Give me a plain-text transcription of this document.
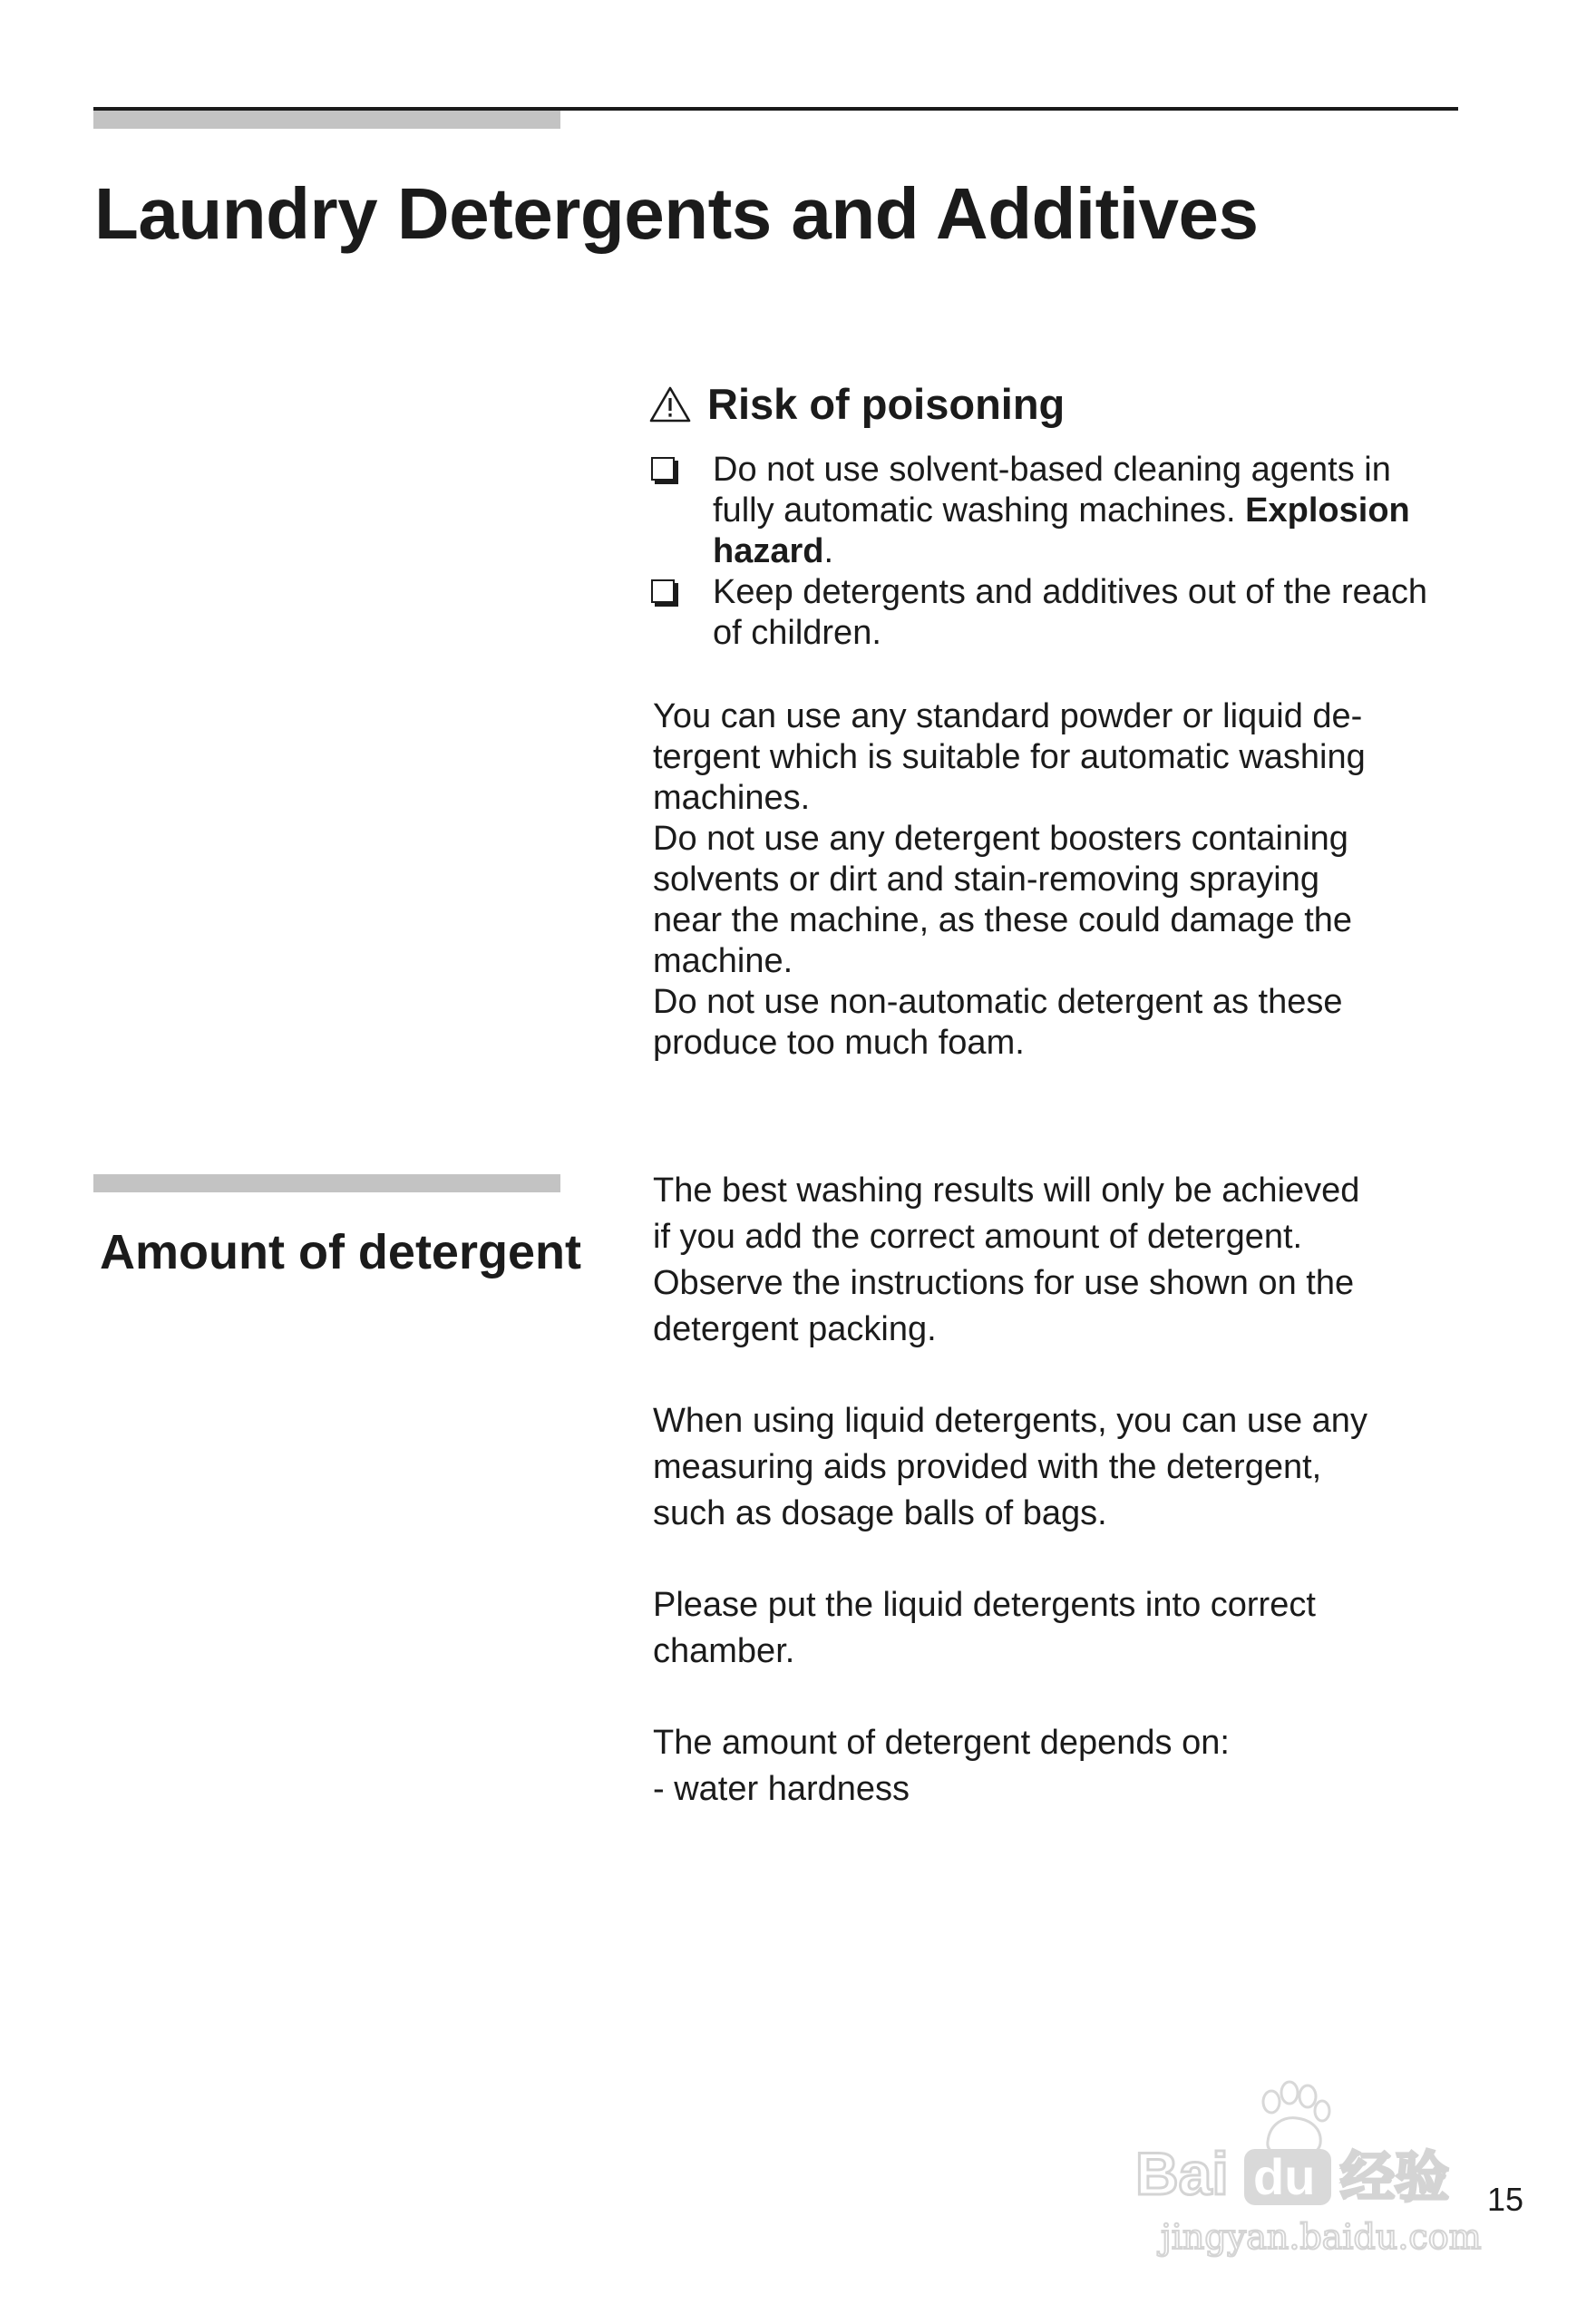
Laundry Detergents and Additives
Risk of poisoning
Do not use solvent-based cleaning agents in
fully automatic washing machines. Explosion
hazard.
Keep detergents and additives out of the reach
of children.

You can use any standard powder or liquid de-

tergent which is suitable for automatic washing

machines.

Do not use any detergent boosters containing

solvents or dirt and stain-removing spraying

near the machine, as these could damage the

machine.

Do not use non-automatic detergent as these

produce too much foam.

Amount of detergent

The best washing results will only be achieved
if you add the correct amount of detergent.
Observe the instructions for use shown on the
detergent packing.

When using liquid detergents, you can use any
measuring aids provided with the detergent,
such as dosage balls of bags.

Please put the liquid detergents into correct
chamber.

The amount of detergent depends on:
- water hardness

Bai du 经验
jingyan.baidu.com
15
